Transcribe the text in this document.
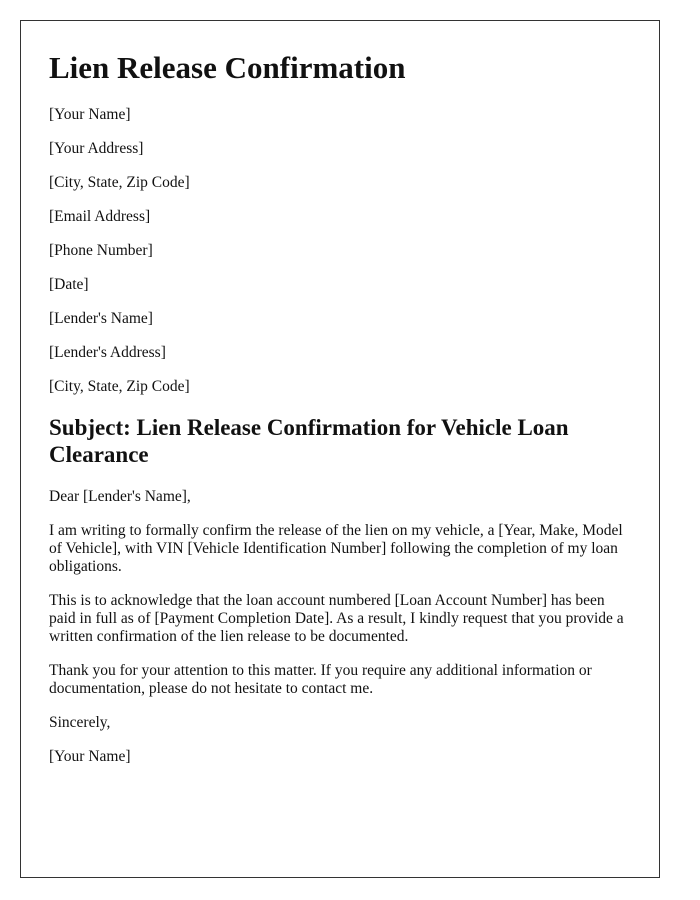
Lien Release Confirmation

[Your Name]

[Your Address]

[City, State, Zip Code]

[Email Address]

[Phone Number]

[Date]

[Lender's Name]

[Lender's Address]

[City, State, Zip Code]

Subject: Lien Release Confirmation for Vehicle Loan Clearance

Dear [Lender's Name],

I am writing to formally confirm the release of the lien on my vehicle, a [Year, Make, Model of Vehicle], with VIN [Vehicle Identification Number] following the completion of my loan obligations.

This is to acknowledge that the loan account numbered [Loan Account Number] has been paid in full as of [Payment Completion Date]. As a result, I kindly request that you provide a written confirmation of the lien release to be documented.

Thank you for your attention to this matter. If you require any additional information or documentation, please do not hesitate to contact me.

Sincerely,

[Your Name]
